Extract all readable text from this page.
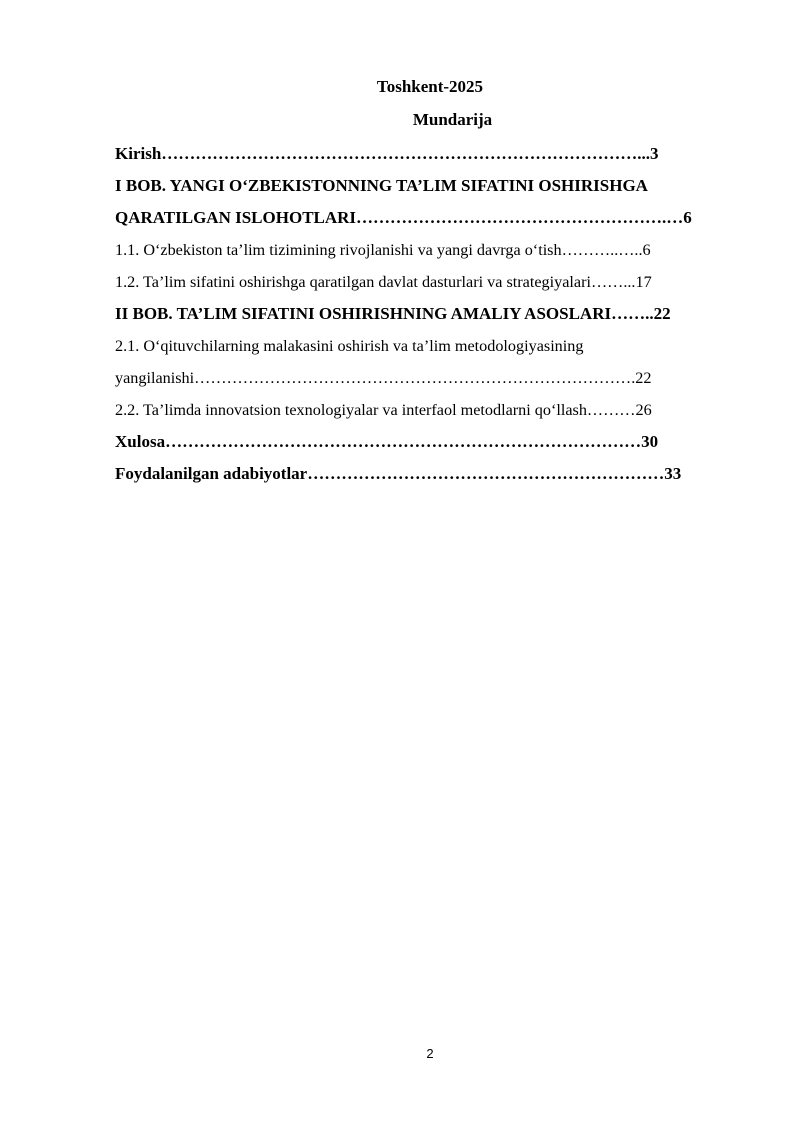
Toshkent-2025
Mundarija
Kirish…………………………………………………………………………...3
I BOB. YANGI O‘ZBEKISTONNING TA’LIM SIFATINI OSHIRISHGA
QARATILGAN ISLOHOTLARI……………………………………………….…6
1.1. O‘zbekiston ta’lim tizimining rivojlanishi va yangi davrga o‘tish………..…..6
1.2. Ta’lim sifatini oshirishga qaratilgan davlat dasturlari va strategiyalari……...17
II BOB. TA’LIM SIFATINI OSHIRISHNING AMALIY ASOSLARI……..22
2.1. O‘qituvchilarning malakasini oshirish va ta’lim metodologiyasining
yangilanishi……………………………………………………………………….22
2.2. Ta’limda innovatsion texnologiyalar va interfaol metodlarni qo‘llash………26
Xulosa…………………………………………………………………………30
Foydalanilgan adabiyotlar………………………………………………………33
2
